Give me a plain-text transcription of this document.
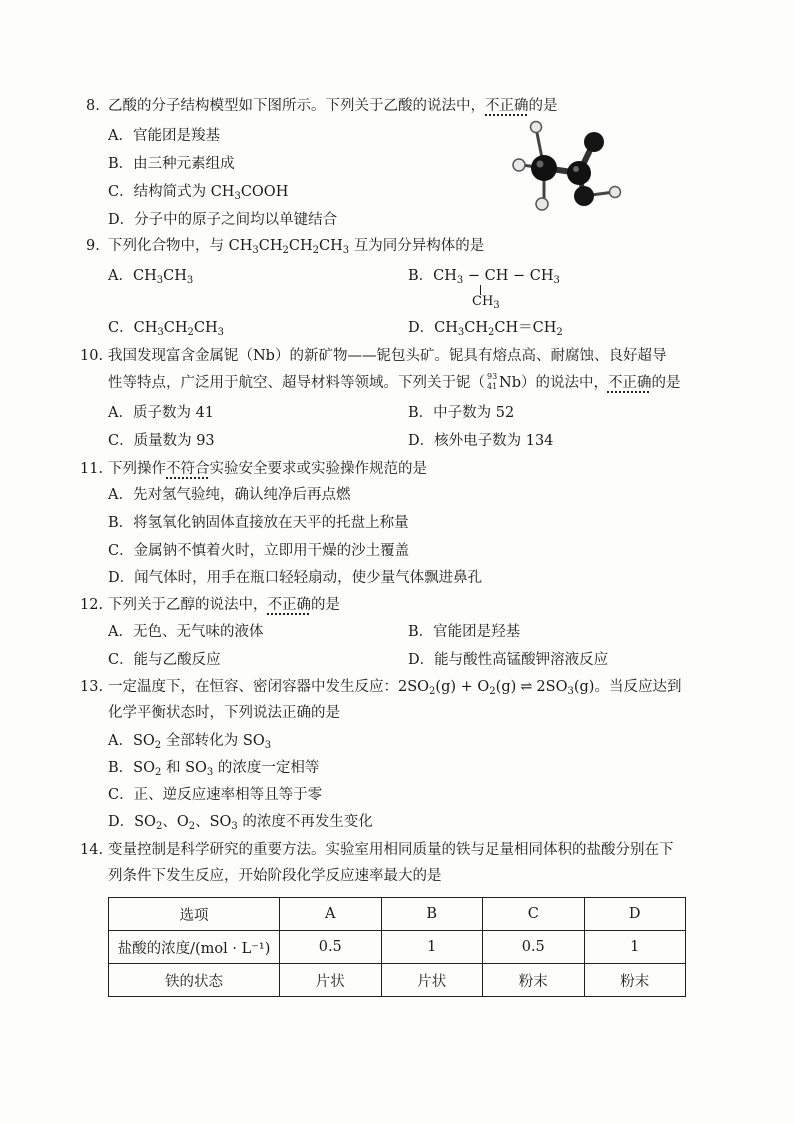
8. 乙酸的分子结构模型如下图所示。下列关于乙酸的说法中，不正确的是
A．官能团是羧基
B．由三种元素组成
C．结构简式为 $CH_3COOH$
D．分子中的原子之间均以单键结合
9. 下列化合物中，与 $CH_3CH_2CH_2CH_3$ 互为同分异构体的是
A．$CH_3CH_3$	B．$CH_3$ − CH − $CH_3$
$CH_3$
C．$CH_3CH_2CH_3$	D．$CH_3CH_2CH=CH_2$
10. 我国发现富含金属铌（Nb）的新矿物——铌包头矿。铌具有熔点高、耐腐蚀、良好超导
性等特点，广泛用于航空、超导材料等领域。下列关于铌（ 93
41 Nb）的说法中，不正确的是
A．质子数为 41	B．中子数为 52
C．质量数为 93	D．核外电子数为 134
11. 下列操作不符合实验安全要求或实验操作规范的是
A．先对氢气验纯，确认纯净后再点燃
B．将氢氧化钠固体直接放在天平的托盘上称量
C．金属钠不慎着火时，立即用干燥的沙土覆盖
D．闻气体时，用手在瓶口轻轻扇动，使少量气体飘进鼻孔
12. 下列关于乙醇的说法中，不正确的是
A．无色、无气味的液体	B．官能团是羟基
C．能与乙酸反应	D．能与酸性高锰酸钾溶液反应
13. 一定温度下，在恒容、密闭容器中发生反应：$2SO_2(g) + O_2(g)$ ⇌ $2SO_3(g)$。当反应达到
化学平衡状态时，下列说法正确的是
A．$SO_2$ 全部转化为 $SO_3$
B．$SO_2$ 和 $SO_3$ 的浓度一定相等
C．正、逆反应速率相等且等于零
D．$SO_2$、$O_2$、$SO_3$ 的浓度不再发生变化
14. 变量控制是科学研究的重要方法。实验室用相同质量的铁与足量相同体积的盐酸分别在下
列条件下发生反应，开始阶段化学反应速率最大的是
选项	A	B	C	D
盐酸的浓度/(mol · L⁻¹)	0.5	1	0.5	1
铁的状态	片状	片状	粉末	粉末
